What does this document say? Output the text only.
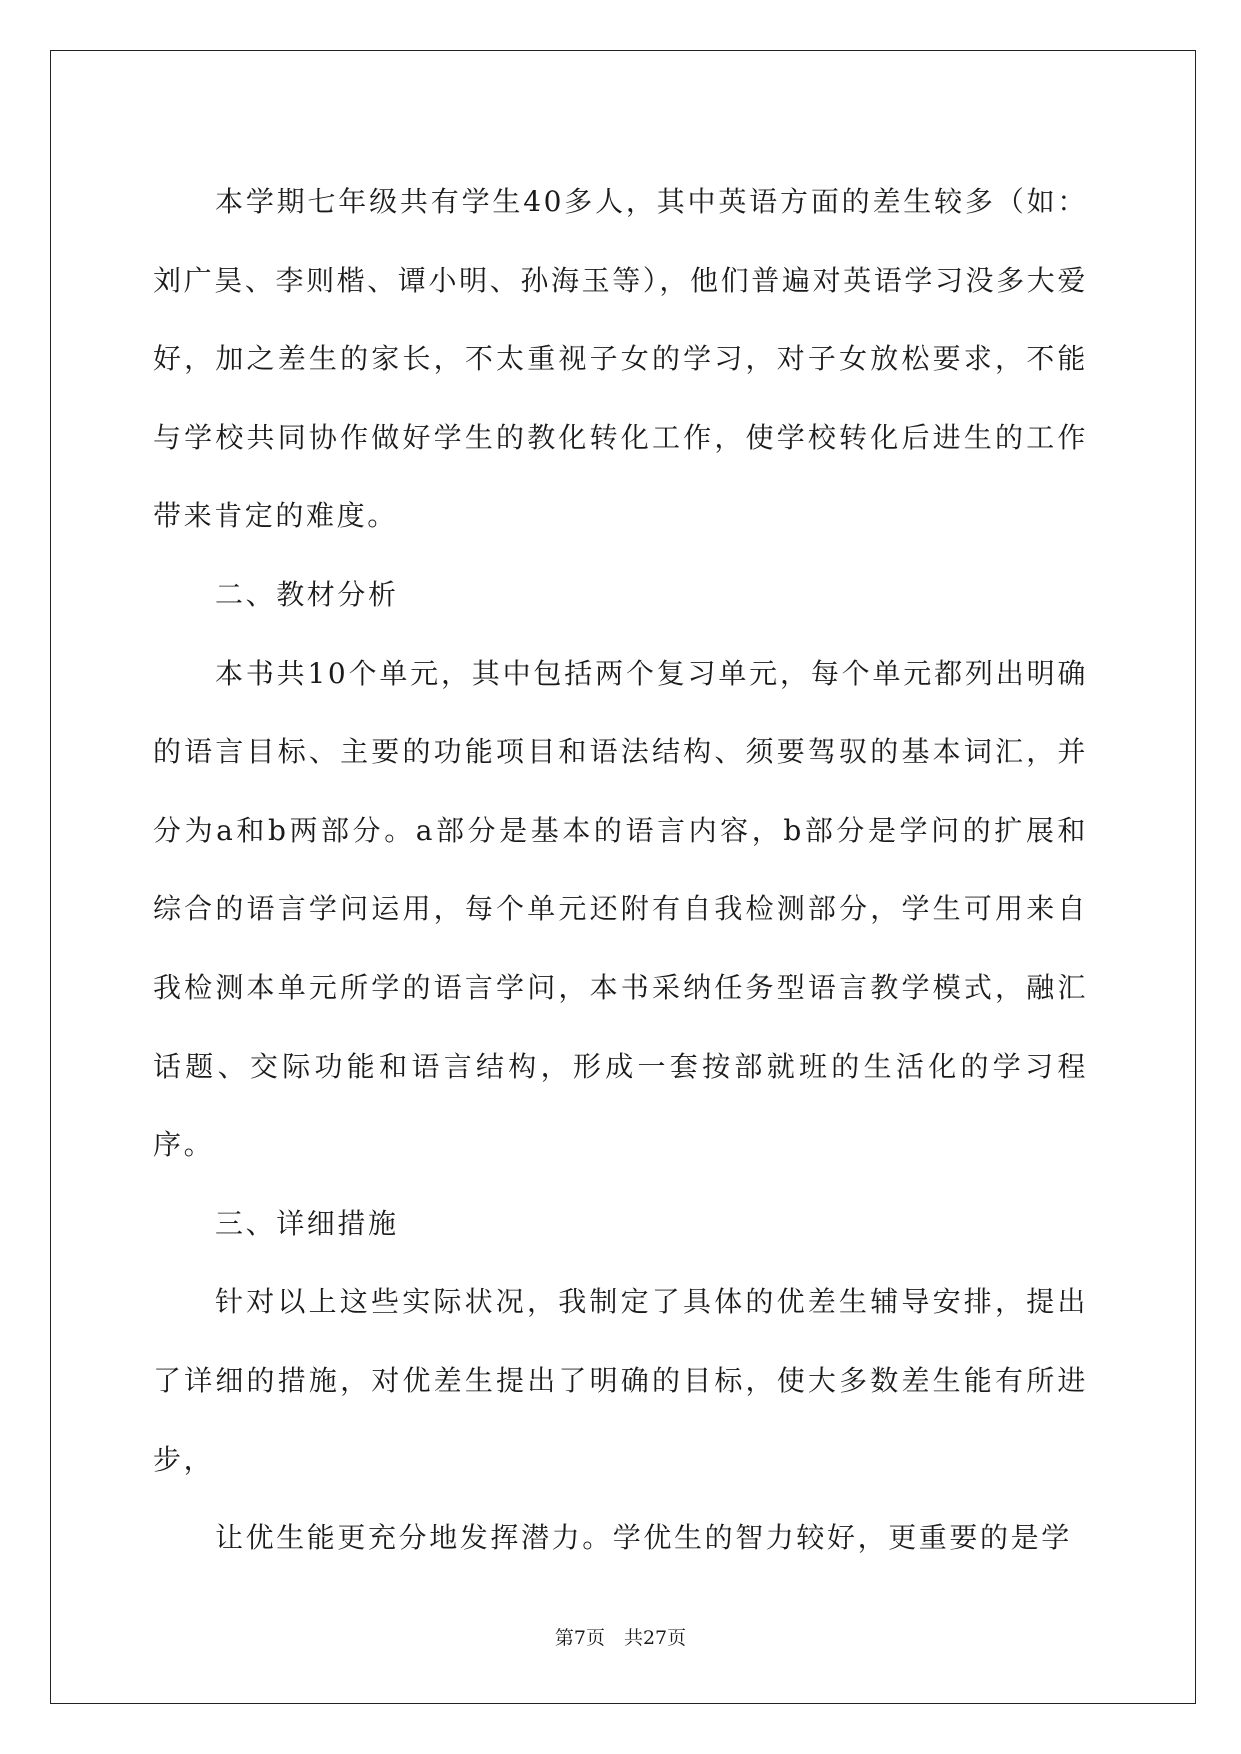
本学期七年级共有学生40多人，其中英语方面的差生较多（如：刘广昊、李则楷、谭小明、孙海玉等），他们普遍对英语学习没多大爱好，加之差生的家长，不太重视子女的学习，对子女放松要求，不能与学校共同协作做好学生的教化转化工作，使学校转化后进生的工作带来肯定的难度。

二、教材分析

本书共10个单元，其中包括两个复习单元，每个单元都列出明确的语言目标、主要的功能项目和语法结构、须要驾驭的基本词汇，并分为a和b两部分。a部分是基本的语言内容，b部分是学问的扩展和综合的语言学问运用，每个单元还附有自我检测部分，学生可用来自我检测本单元所学的语言学问，本书采纳任务型语言教学模式，融汇话题、交际功能和语言结构，形成一套按部就班的生活化的学习程序。

三、详细措施

针对以上这些实际状况，我制定了具体的优差生辅导安排，提出了详细的措施，对优差生提出了明确的目标，使大多数差生能有所进步，

让优生能更充分地发挥潜力。学优生的智力较好，更重要的是学

第7页　共27页
